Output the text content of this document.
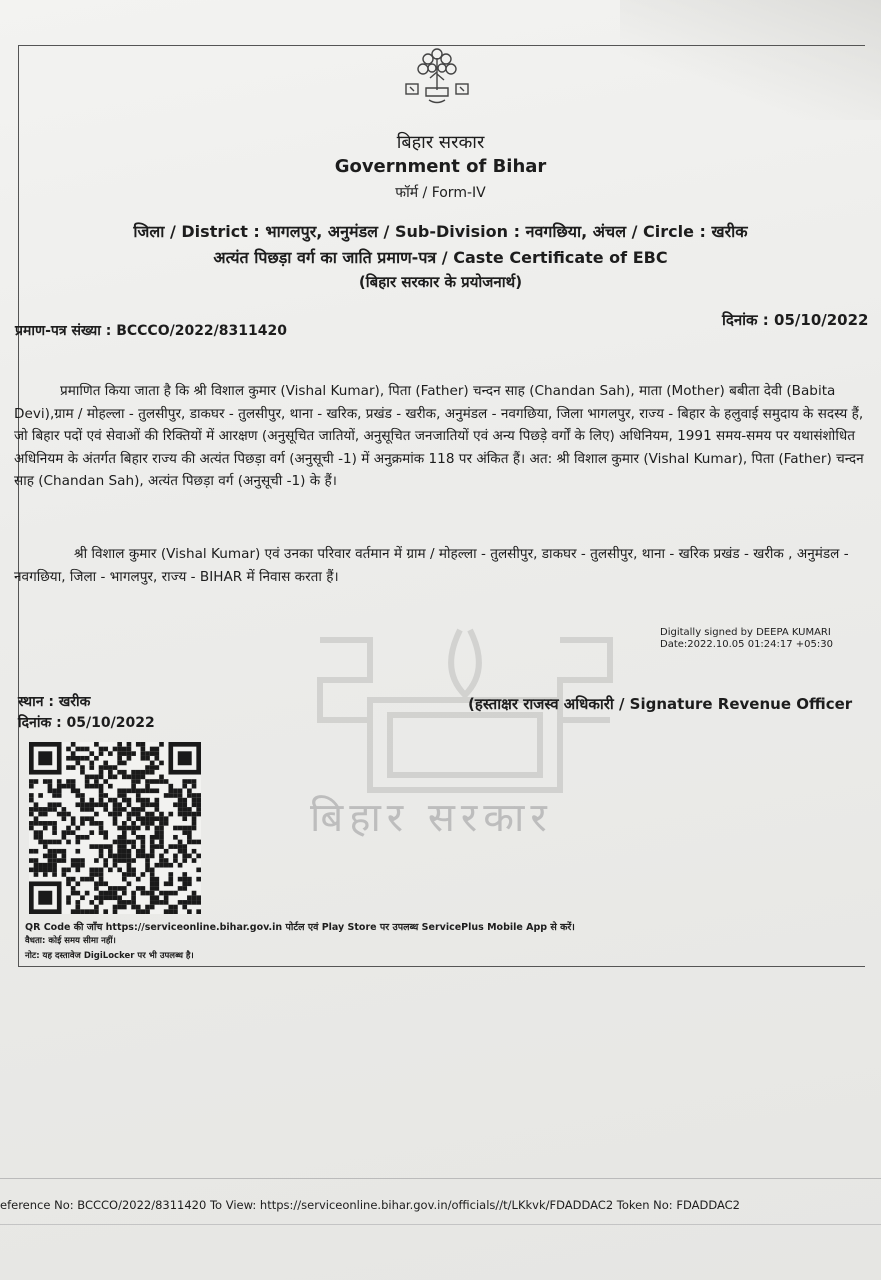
बिहार सरकार
Government of Bihar
फॉर्म / Form-IV
जिला / District : भागलपुर, अनुमंडल / Sub-Division : नवगछिया, अंचल / Circle : खरीक
अत्यंत पिछड़ा वर्ग का जाति प्रमाण-पत्र / Caste Certificate of EBC
(बिहार सरकार के प्रयोजनार्थ)
प्रमाण-पत्र संख्या : BCCCO/2022/8311420
दिनांक : 05/10/2022
प्रमाणित किया जाता है कि श्री विशाल कुमार (Vishal Kumar), पिता (Father) चन्दन साह (Chandan Sah), माता (Mother) बबीता देवी (Babita Devi),ग्राम / मोहल्ला - तुलसीपुर, डाकघर - तुलसीपुर, थाना - खरिक, प्रखंड - खरीक, अनुमंडल - नवगछिया, जिला भागलपुर, राज्य - बिहार के हलुवाई समुदाय के सदस्य हैं, जो बिहार पदों एवं सेवाओं की रिक्तियों में आरक्षण (अनुसूचित जातियों, अनुसूचित जनजातियों एवं अन्य पिछड़े वर्गों के लिए) अधिनियम, 1991 समय-समय पर यथासंशोधित अधिनियम के अंतर्गत बिहार राज्य की अत्यंत पिछड़ा वर्ग (अनुसूची -1) में अनुक्रमांक 118 पर अंकित हैं। अत: श्री विशाल कुमार (Vishal Kumar), पिता (Father) चन्दन साह (Chandan Sah), अत्यंत पिछड़ा वर्ग (अनुसूची -1) के हैं।
श्री विशाल कुमार (Vishal Kumar) एवं उनका परिवार वर्तमान में ग्राम / मोहल्ला - तुलसीपुर, डाकघर - तुलसीपुर, थाना - खरिक प्रखंड - खरीक , अनुमंडल - नवगछिया, जिला - भागलपुर, राज्य - BIHAR में निवास करता हैं।
बिहार सरकार
Digitally signed by DEEPA KUMARI
Date:2022.10.05 01:24:17 +05:30
स्थान : खरीक
दिनांक : 05/10/2022
(हस्ताक्षर राजस्व अधिकारी / Signature Revenue Officer
QR Code की जाँच https://serviceonline.bihar.gov.in पोर्टल एवं Play Store पर उपलब्ध ServicePlus Mobile App से करें।
वैधता: कोई समय सीमा नहीं।
नोट: यह दस्तावेज DigiLocker पर भी उपलब्ध है।
eference No: BCCCO/2022/8311420 To View: https://serviceonline.bihar.gov.in/officials//t/LKkvk/FDADDAC2 Token No: FDADDAC2
